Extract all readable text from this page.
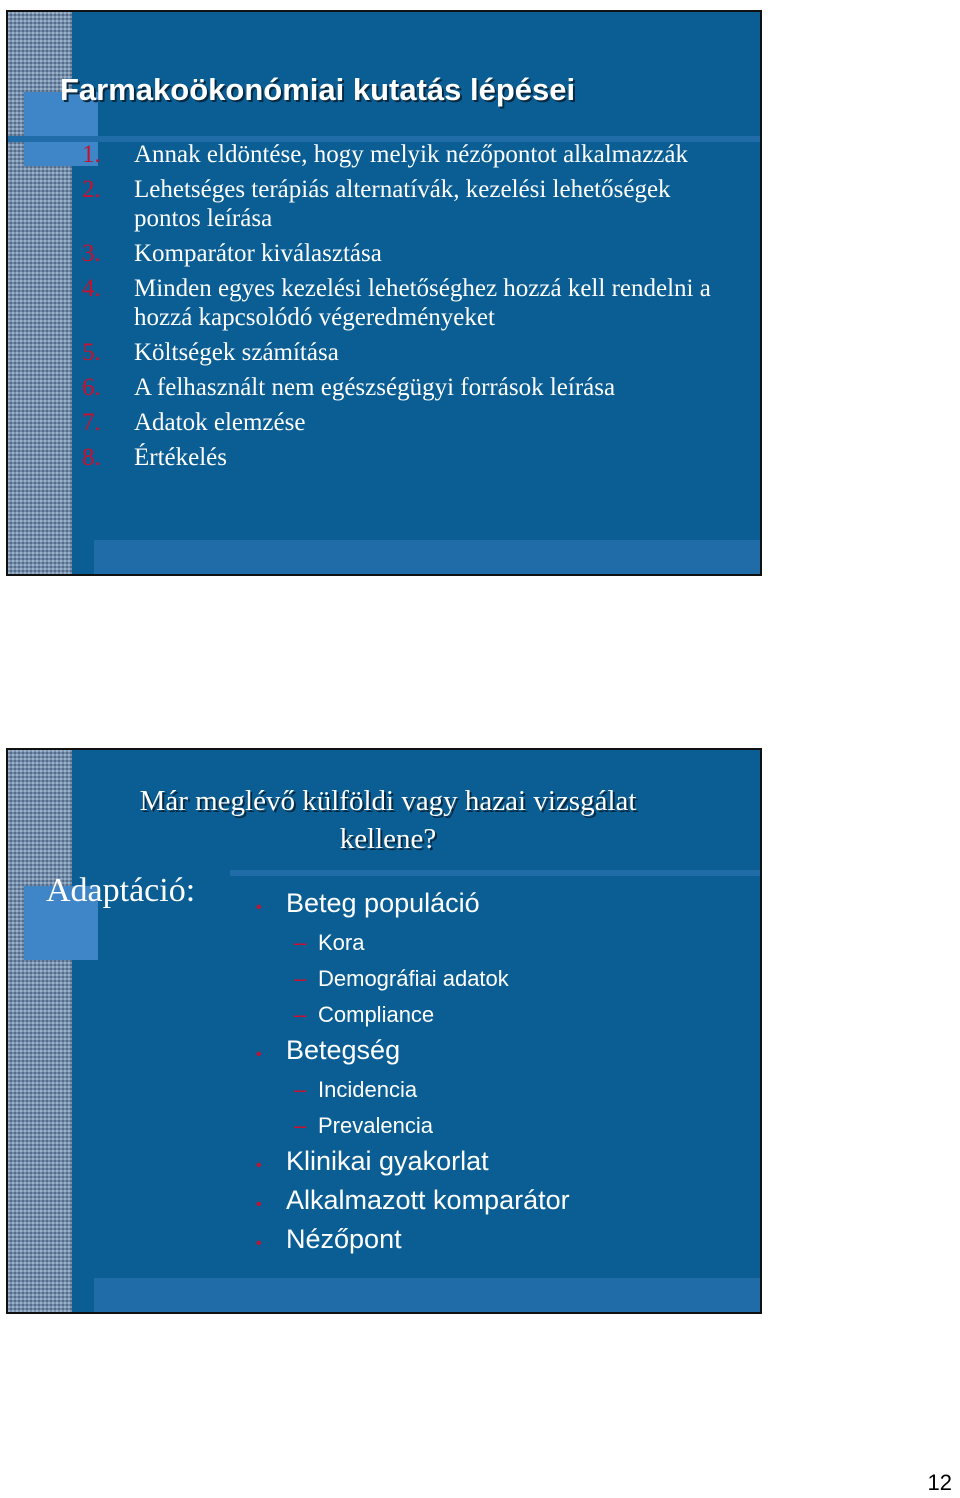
Farmakoökonómiai kutatás lépései
1.	Annak eldöntése, hogy melyik nézőpontot alkalmazzák
2.	Lehetséges terápiás alternatívák, kezelési lehetőségek pontos leírása
3.	Komparátor kiválasztása
4.	Minden egyes kezelési lehetőséghez hozzá kell rendelni a hozzá kapcsolódó végeredményeket
5.	Költségek számítása
6.	A felhasznált nem egészségügyi források leírása
7.	Adatok elemzése
8.	Értékelés
Már meglévő külföldi vagy hazai vizsgálat kellene?
Adaptáció:	• Beteg populáció
– Kora
– Demográfiai adatok
– Compliance
• Betegség
– Incidencia
– Prevalencia
• Klinikai gyakorlat
• Alkalmazott komparátor
• Nézőpont
12
